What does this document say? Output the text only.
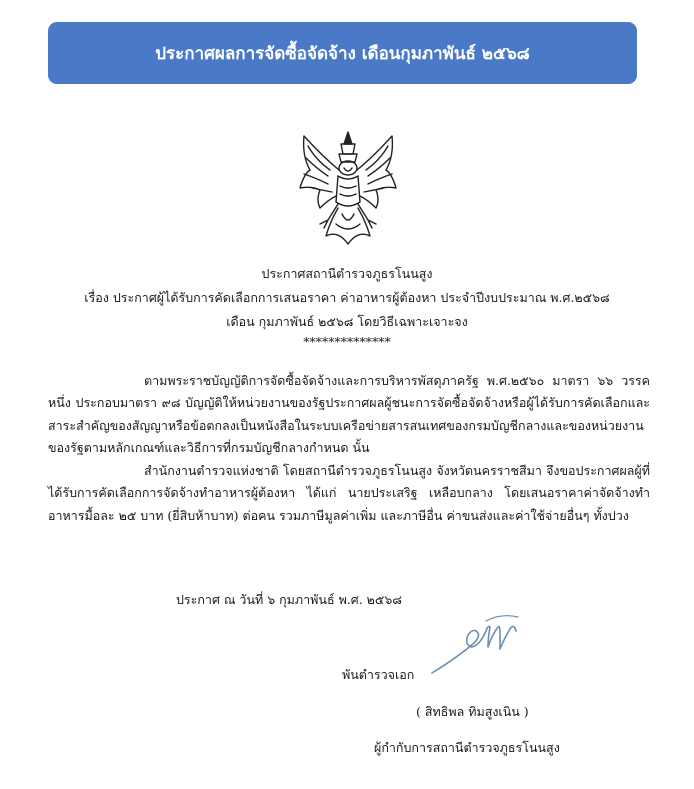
ประกาศผลการจัดซื้อจัดจ้าง เดือนกุมภาพันธ์ ๒๕๖๘
ประกาศสถานีตำรวจภูธรโนนสูง
เรื่อง ประกาศผู้ได้รับการคัดเลือกการเสนอราคา ค่าอาหารผู้ต้องหา ประจำปีงบประมาณ พ.ศ.๒๕๖๘
เดือน กุมภาพันธ์ ๒๕๖๘ โดยวิธีเฉพาะเจาะจง
**************

ตามพระราชบัญญัติการจัดซื้อจัดจ้างและการบริหารพัสดุภาครัฐ พ.ศ.๒๕๖๐ มาตรา ๖๖ วรรคหนึ่ง ประกอบมาตรา ๙๘ บัญญัติให้หน่วยงานของรัฐประกาศผลผู้ชนะการจัดซื้อจัดจ้างหรือผู้ได้รับการคัดเลือกและสาระสำคัญของสัญญาหรือข้อตกลงเป็นหนังสือในระบบเครือข่ายสารสนเทศของกรมบัญชีกลางและของหน่วยงานของรัฐตามหลักเกณฑ์และวิธีการที่กรมบัญชีกลางกำหนด นั้น

สำนักงานตำรวจแห่งชาติ โดยสถานีตำรวจภูธรโนนสูง จังหวัดนครราชสีมา จึงขอประกาศผลผู้ที่ได้รับการคัดเลือกการจัดจ้างทำอาหารผู้ต้องหา ได้แก่ นายประเสริฐ เหลือบกลาง โดยเสนอราคาค่าจัดจ้างทำอาหารมื้อละ ๒๕ บาท (ยี่สิบห้าบาท) ต่อคน รวมภาษีมูลค่าเพิ่ม และภาษีอื่น ค่าขนส่งและค่าใช้จ่ายอื่นๆ ทั้งปวง

ประกาศ ณ วันที่ ๖ กุมภาพันธ์ พ.ศ. ๒๕๖๘
พันตำรวจเอก
( สิทธิพล ทิมสูงเนิน )
ผู้กำกับการสถานีตำรวจภูธรโนนสูง
